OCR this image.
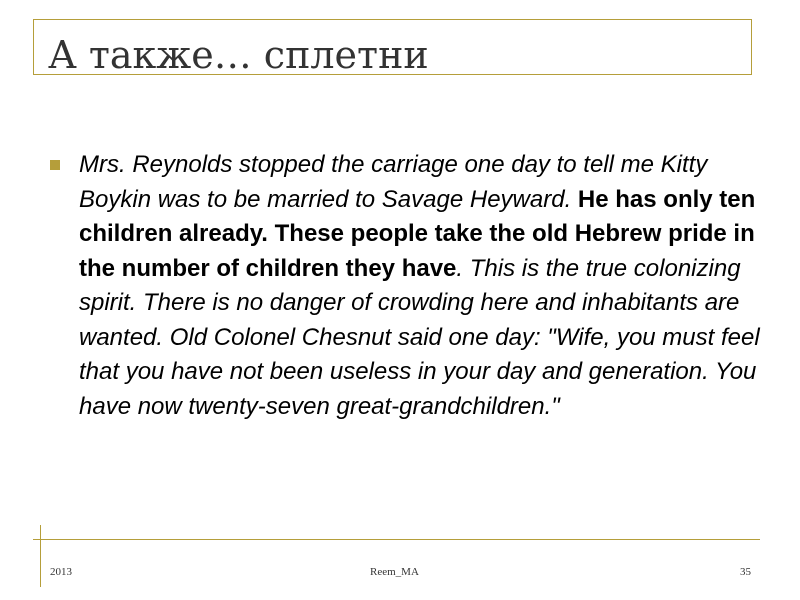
А также… сплетни

Mrs. Reynolds stopped the carriage one day to tell me Kitty Boykin was to be married to Savage Heyward. He has only ten children already. These people take the old Hebrew pride in the number of children they have. This is the true colonizing spirit. There is no danger of crowding here and inhabitants are wanted. Old Colonel Chesnut said one day: "Wife, you must feel that you have not been useless in your day and generation. You have now twenty-seven great-grandchildren."

2013	Reem_MA	35
